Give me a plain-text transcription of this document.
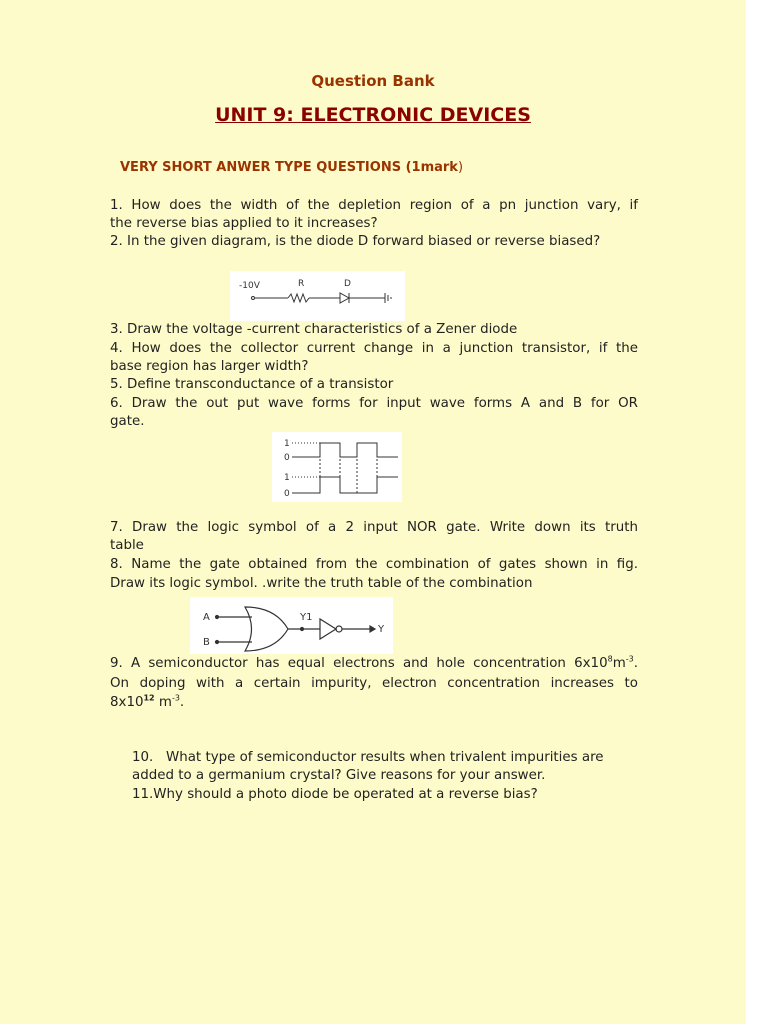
Question Bank
UNIT 9: ELECTRONIC DEVICES
VERY SHORT ANWER TYPE QUESTIONS (1mark)
1. How does the width of the depletion region of a pn junction vary, if
the reverse bias applied to it increases?
2. In the given diagram, is the diode D forward biased or reverse biased?
-10V	R	D
3. Draw the voltage -current characteristics of a Zener diode
4. How does the collector current change in a junction transistor, if the
base region has larger width?
5. Define transconductance of a transistor
6. Draw the out put wave forms for input wave forms A and B for OR
gate.
1
0
1
0
7. Draw the logic symbol of a 2 input NOR gate. Write down its truth
table
8. Name the gate obtained from the combination of gates shown in fig.
Draw its logic symbol. .write the truth table of the combination
A
B
Y1
Y
9. A semiconductor has equal electrons and hole concentration $6x10^8m^{-3}$.
On doping with a certain impurity, electron concentration increases to
$8x10^{12}$ $m^{-3}$.
10. What type of semiconductor results when trivalent impurities are
added to a germanium crystal? Give reasons for your answer.
11.Why should a photo diode be operated at a reverse bias?
